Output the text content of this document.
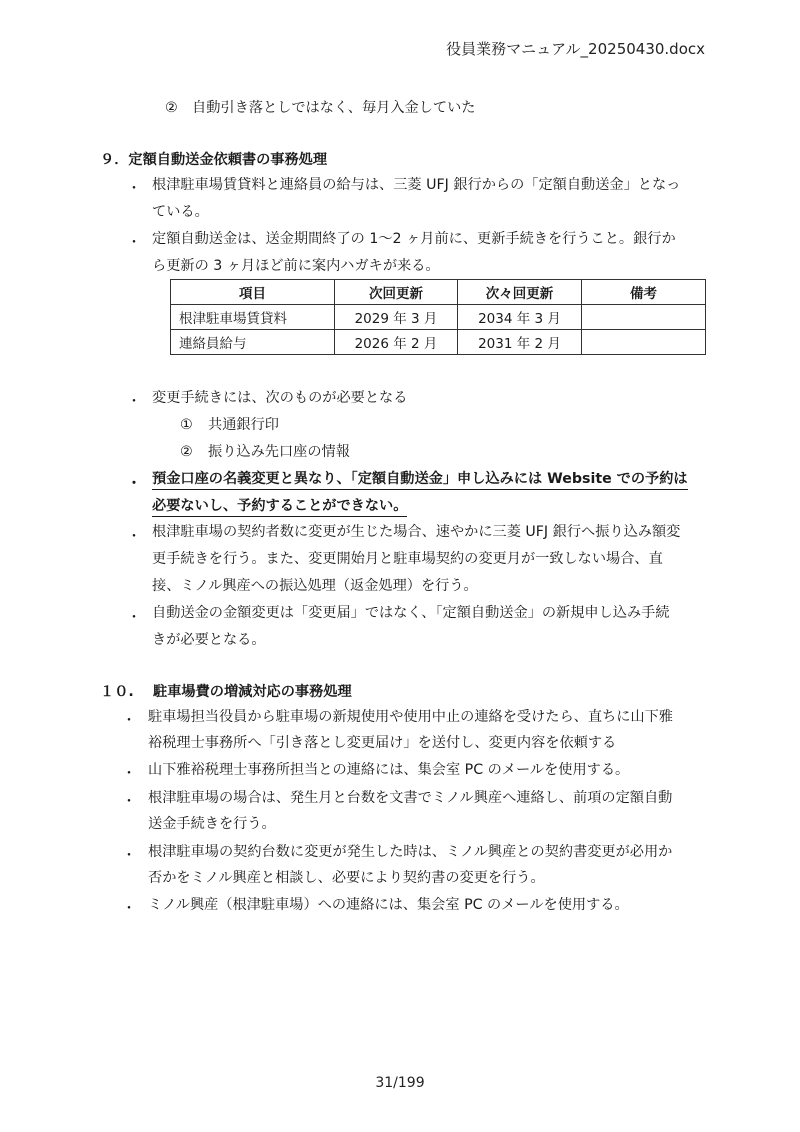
役員業務マニュアル_20250430.docx
② 自動引き落としではなく、毎月入金していた
９．定額自動送金依頼書の事務処理
・ 根津駐車場賃貸料と連絡員の給与は、三菱 UFJ 銀行からの「定額自動送金」となっ
ている。
・ 定額自動送金は、送金期間終了の 1～2 ヶ月前に、更新手続きを行うこと。銀行か
ら更新の 3 ヶ月ほど前に案内ハガキが来る。
項目	次回更新	次々回更新	備考
根津駐車場賃貸料	2029 年 3 月	2034 年 3 月	
連絡員給与	2026 年 2 月	2031 年 2 月	
・ 変更手続きには、次のものが必要となる
① 共通銀行印
② 振り込み先口座の情報
・ 預金口座の名義変更と異なり、「定額自動送金」申し込みには Website での予約は
必要ないし、予約することができない。
・ 根津駐車場の契約者数に変更が生じた場合、速やかに三菱 UFJ 銀行へ振り込み額変
更手続きを行う。また、変更開始月と駐車場契約の変更月が一致しない場合、直
接、ミノル興産への振込処理（返金処理）を行う。
・ 自動送金の金額変更は「変更届」ではなく、「定額自動送金」の新規申し込み手続
きが必要となる。
１０. 駐車場費の増減対応の事務処理
・ 駐車場担当役員から駐車場の新規使用や使用中止の連絡を受けたら、直ちに山下雅
裕税理士事務所へ「引き落とし変更届け」を送付し、変更内容を依頼する
・ 山下雅裕税理士事務所担当との連絡には、集会室 PC のメールを使用する。
・ 根津駐車場の場合は、発生月と台数を文書でミノル興産へ連絡し、前項の定額自動
送金手続きを行う。
・ 根津駐車場の契約台数に変更が発生した時は、ミノル興産との契約書変更が必用か
否かをミノル興産と相談し、必要により契約書の変更を行う。
・ ミノル興産（根津駐車場）への連絡には、集会室 PC のメールを使用する。
31/199
